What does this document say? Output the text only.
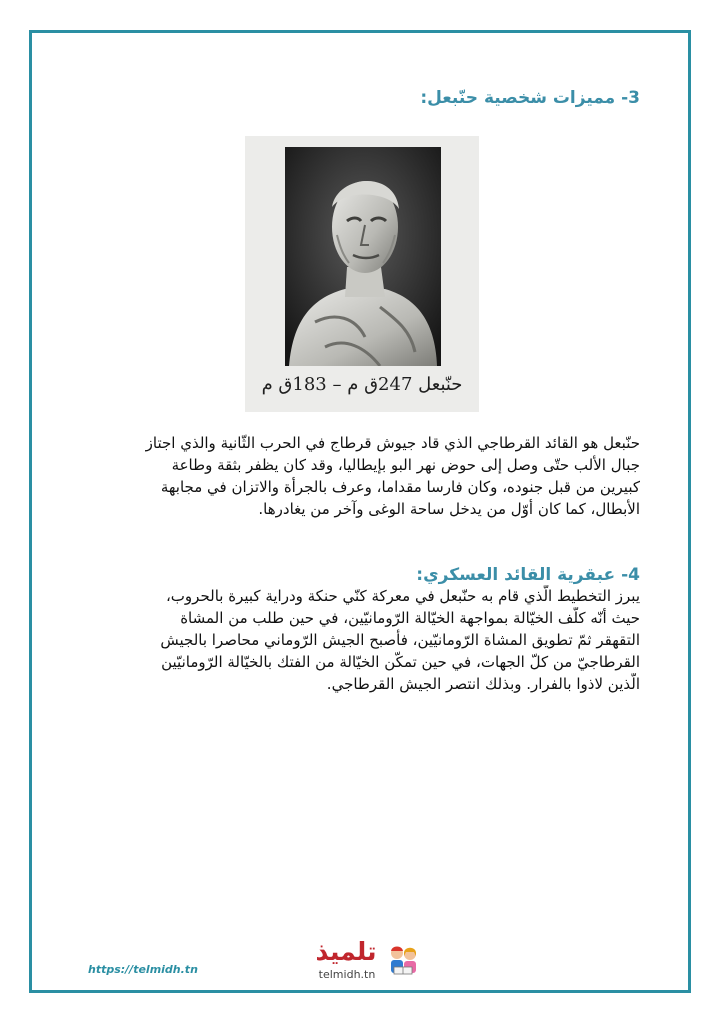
3- مميزات شخصية حنّبعل:
حنّبعل 247ق م – 183ق م
حنّبعل هو القائد القرطاجي الذي قاد جيوش قرطاج في الحرب الثّانية والذي اجتاز
جبال الألب حتّى وصل إلى حوض نهر البو بإيطاليا، وقد كان يظفر بثقة وطاعة
كبيرين من قبل جنوده، وكان فارسا مقداما، وعرف بالجرأة والاتزان في مجابهة
الأبطال، كما كان أوّل من يدخل ساحة الوغى وآخر من يغادرها.
4- عبقرية القائد العسكري:
يبرز التخطيط الّذي قام به حنّبعل في معركة كنّي حنكة ودراية كبيرة بالحروب،
حيث أنّه كلّف الخيّالة بمواجهة الخيّالة الرّومانيّين، في حين طلب من المشاة
التقهقر ثمّ تطويق المشاة الرّومانيّين، فأصبح الجيش الرّوماني محاصرا بالجيش
القرطاجيّ من كلّ الجهات، في حين تمكّن الخيّالة من الفتك بالخيّالة الرّومانيّين
الّذين لاذوا بالفرار. وبذلك انتصر الجيش القرطاجي.
https://telmidh.tn
تلميذ
telmidh.tn
